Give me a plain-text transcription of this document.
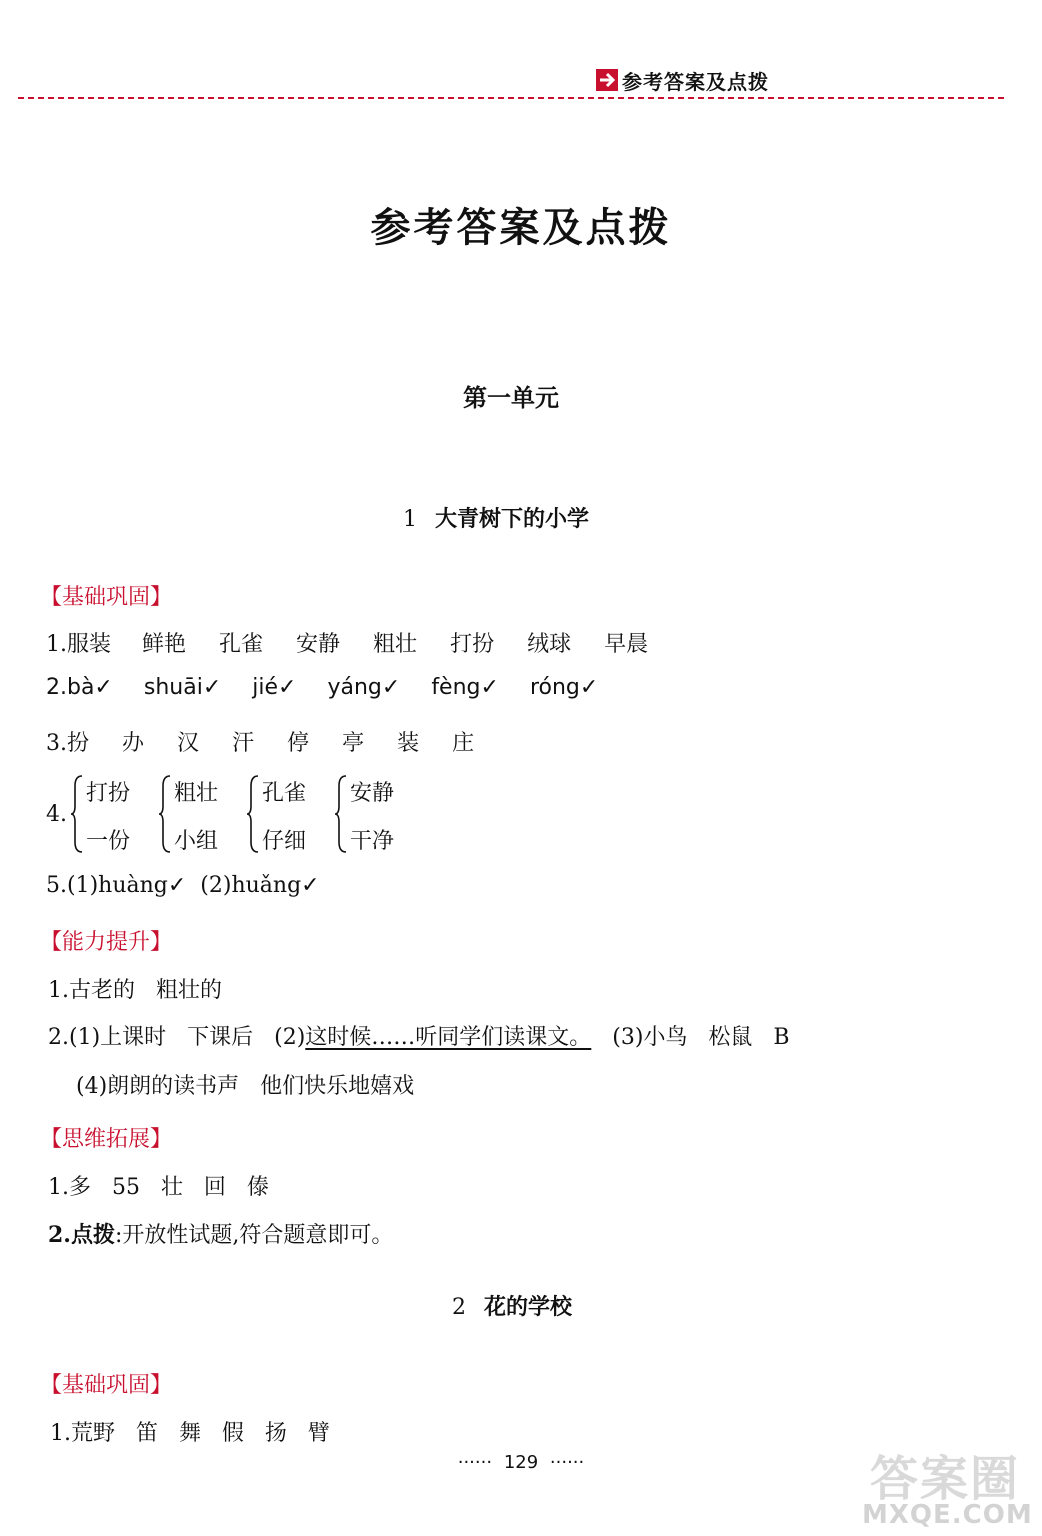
参考答案及点拨
参考答案及点拨
第一单元
1 大青树下的小学
【基础巩固】
1.服装 鲜艳 孔雀 安静 粗壮 打扮 绒球 早晨
2.bà✓ shuāi✓ jié✓ yáng✓ fèng✓ róng✓
3.扮 办 汉 汗 停 亭 装 庄
4.
打扮
一份
粗壮
小组
孔雀
仔细
安静
干净
5.(1)huàng✓  (2)huǎng✓
【能力提升】
1.古老的   粗壮的
2.(1)上课时   下课后   (2)这时候……听同学们读课文。   (3)小鸟   松鼠   B
(4)朗朗的读书声   他们快乐地嬉戏
【思维拓展】
1.多   55   壮   回   傣
2.点拨:开放性试题,符合题意即可。
2 花的学校
【基础巩固】
1.荒野   笛   舞   假   扬   臂
······ 129 ······	答案圈
MXQE.COM
